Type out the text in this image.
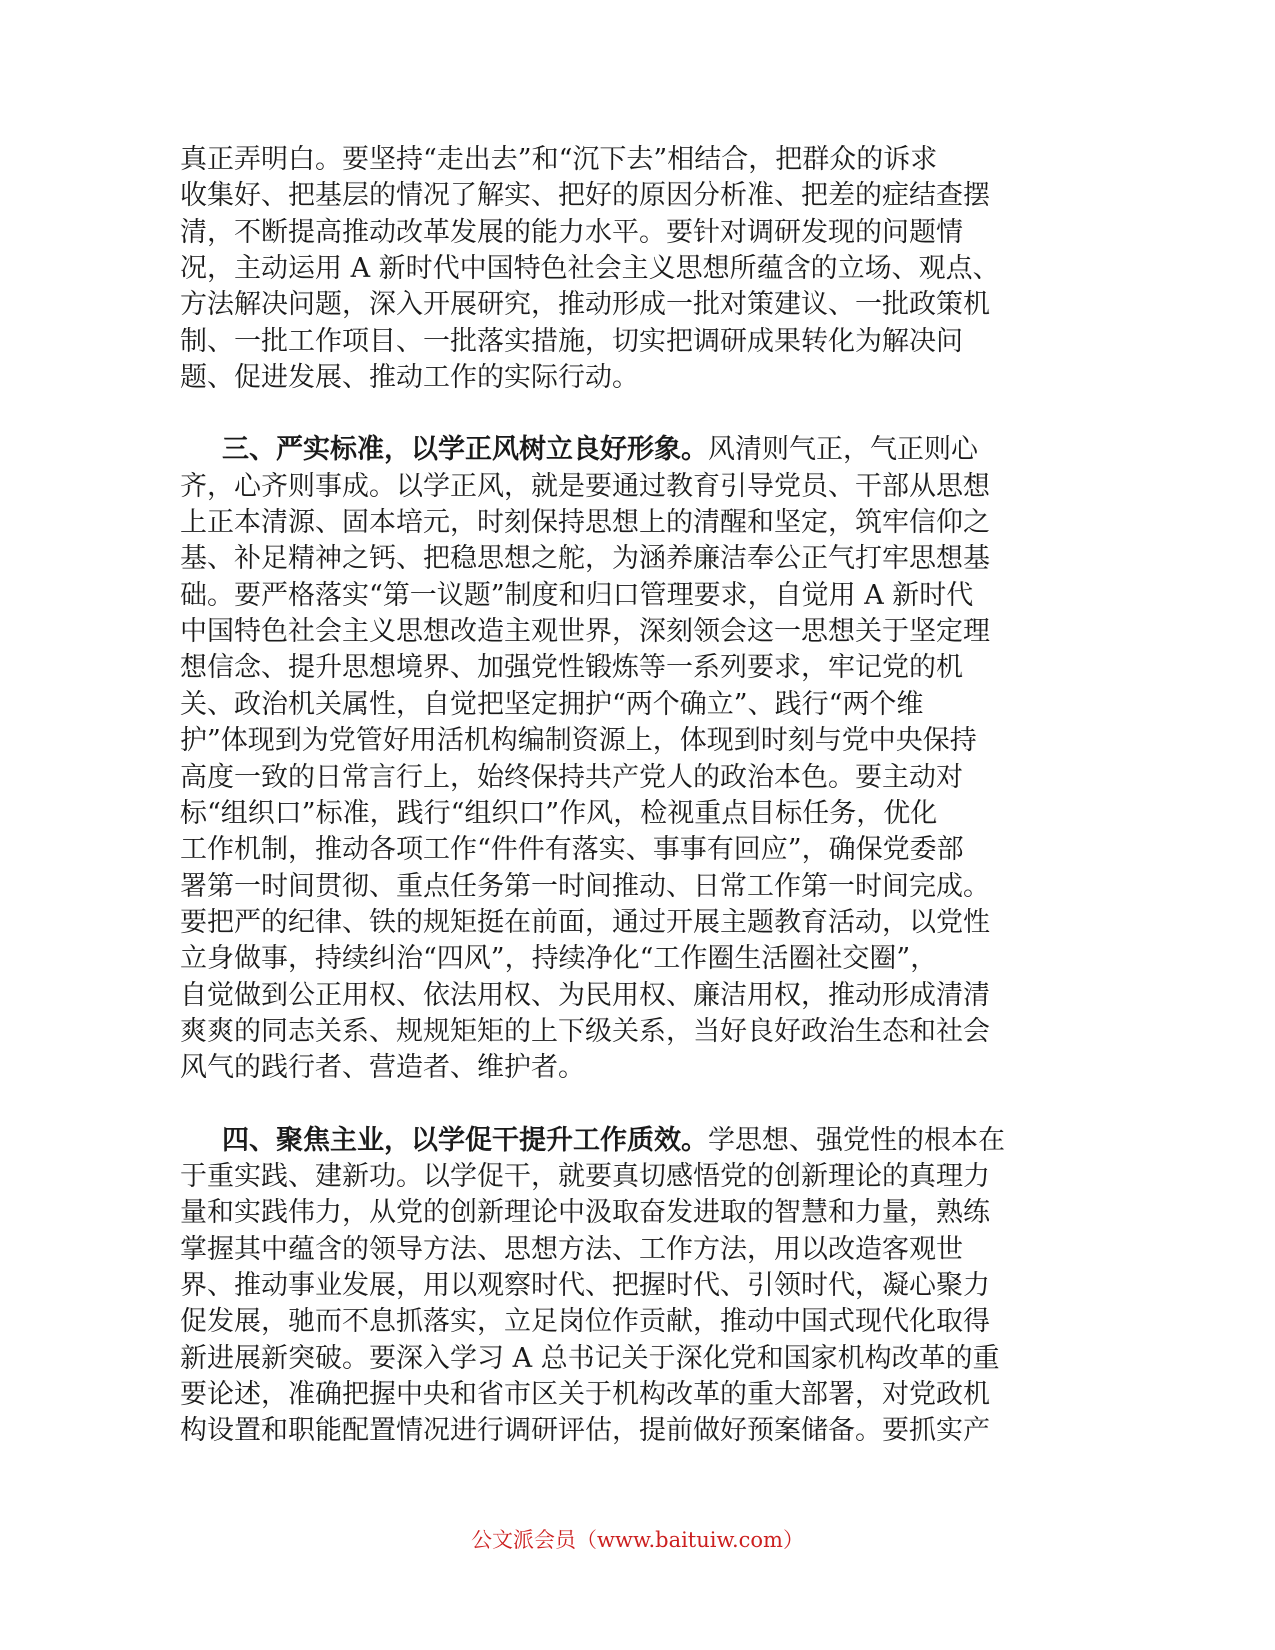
真正弄明白。要坚持“走出去”和“沉下去”相结合，把群众的诉求
收集好、把基层的情况了解实、把好的原因分析准、把差的症结查摆
清，不断提高推动改革发展的能力水平。要针对调研发现的问题情
况，主动运用 A 新时代中国特色社会主义思想所蕴含的立场、观点、
方法解决问题，深入开展研究，推动形成一批对策建议、一批政策机
制、一批工作项目、一批落实措施，切实把调研成果转化为解决问
题、促进发展、推动工作的实际行动。
三、严实标准，以学正风树立良好形象。风清则气正，气正则心
齐，心齐则事成。以学正风，就是要通过教育引导党员、干部从思想
上正本清源、固本培元，时刻保持思想上的清醒和坚定，筑牢信仰之
基、补足精神之钙、把稳思想之舵，为涵养廉洁奉公正气打牢思想基
础。要严格落实“第一议题”制度和归口管理要求，自觉用 A 新时代
中国特色社会主义思想改造主观世界，深刻领会这一思想关于坚定理
想信念、提升思想境界、加强党性锻炼等一系列要求，牢记党的机
关、政治机关属性，自觉把坚定拥护“两个确立”、践行“两个维
护”体现到为党管好用活机构编制资源上，体现到时刻与党中央保持
高度一致的日常言行上，始终保持共产党人的政治本色。要主动对
标“组织口”标准，践行“组织口”作风，检视重点目标任务，优化
工作机制，推动各项工作“件件有落实、事事有回应”，确保党委部
署第一时间贯彻、重点任务第一时间推动、日常工作第一时间完成。
要把严的纪律、铁的规矩挺在前面，通过开展主题教育活动，以党性
立身做事，持续纠治“四风”，持续净化“工作圈生活圈社交圈”，
自觉做到公正用权、依法用权、为民用权、廉洁用权，推动形成清清
爽爽的同志关系、规规矩矩的上下级关系，当好良好政治生态和社会
风气的践行者、营造者、维护者。
四、聚焦主业，以学促干提升工作质效。学思想、强党性的根本在
于重实践、建新功。以学促干，就要真切感悟党的创新理论的真理力
量和实践伟力，从党的创新理论中汲取奋发进取的智慧和力量，熟练
掌握其中蕴含的领导方法、思想方法、工作方法，用以改造客观世
界、推动事业发展，用以观察时代、把握时代、引领时代，凝心聚力
促发展，驰而不息抓落实，立足岗位作贡献，推动中国式现代化取得
新进展新突破。要深入学习 A 总书记关于深化党和国家机构改革的重
要论述，准确把握中央和省市区关于机构改革的重大部署，对党政机
构设置和职能配置情况进行调研评估，提前做好预案储备。要抓实产
公文派会员（www.baituiw.com）
